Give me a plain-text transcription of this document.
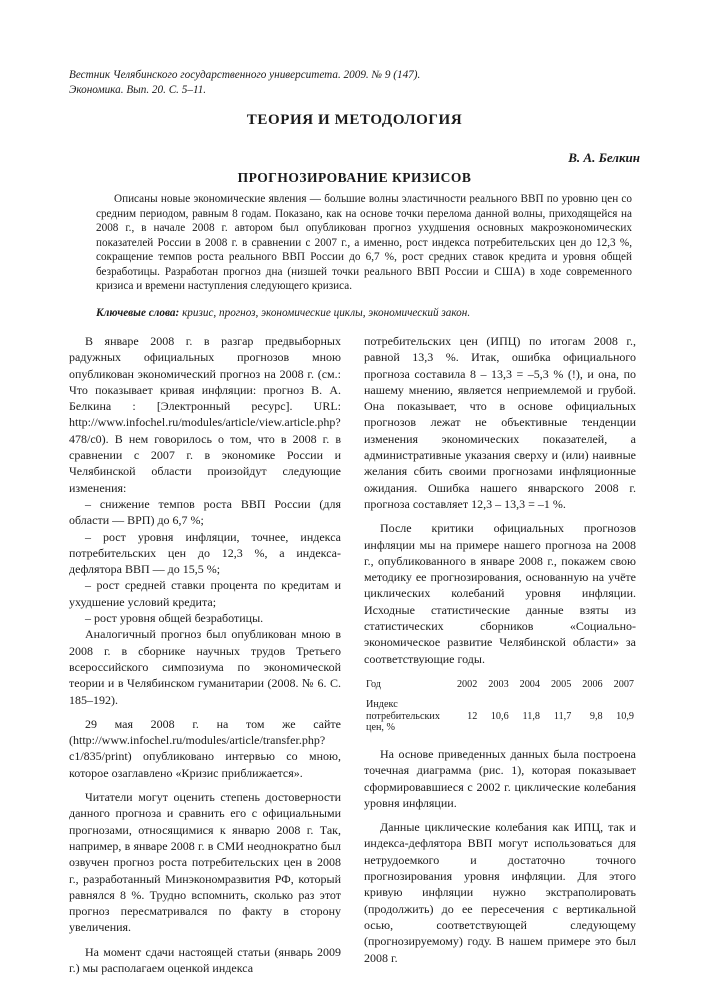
Вестник Челябинского государственного университета. 2009. № 9 (147).
Экономика. Вып. 20. С. 5–11.
ТЕОРИЯ И МЕТОДОЛОГИЯ
В. А. Белкин
ПРОГНОЗИРОВАНИЕ КРИЗИСОВ
Описаны новые экономические явления — большие волны эластичности реального ВВП по уровню цен со средним периодом, равным 8 годам. Показано, как на основе точки перелома данной волны, приходящейся на 2008 г., в начале 2008 г. автором был опубликован прогноз ухудшения основных макроэкономических показателей России в 2008 г. в сравнении с 2007 г., а именно, рост индекса потребительских цен до 12,3 %, сокращение темпов роста реального ВВП России до 6,7 %, рост средних ставок кредита и уровня общей безработицы. Разработан прогноз дна (низшей точки реального ВВП России и США) в ходе современного кризиса и времени наступления следующего кризиса.
Ключевые слова: кризис, прогноз, экономические циклы, экономический закон.

В январе 2008 г. в разгар предвыборных радужных официальных прогнозов мною опубликован экономический прогноз на 2008 г. (см.: Что показывает кривая инфляции: прогноз В. А. Белкина : [Электронный ресурс]. URL: http://www.infochel.ru/modules/article/view.article.php?478/c0). В нем говорилось о том, что в 2008 г. в сравнении с 2007 г. в экономике России и Челябинской области произойдут следующие изменения:

– снижение темпов роста ВВП России (для области — ВРП) до 6,7 %;

– рост уровня инфляции, точнее, индекса потребительских цен до 12,3 %, а индекса-дефлятора ВВП — до 15,5 %;

– рост средней ставки процента по кредитам и ухудшение условий кредита;

– рост уровня общей безработицы.

Аналогичный прогноз был опубликован мною в 2008 г. в сборнике научных трудов Третьего всероссийского симпозиума по экономической теории и в Челябинском гуманитарии (2008. № 6. С. 185–192).

29 мая 2008 г. на том же сайте (http://www.infochel.ru/modules/article/transfer.php?c1/835/print) опубликовано интервью со мною, которое озаглавлено «Кризис приближается».

Читатели могут оценить степень достоверности данного прогноза и сравнить его с официальными прогнозами, относящимися к январю 2008 г. Так, например, в январе 2008 г. в СМИ неоднократно был озвучен прогноз роста потребительских цен в 2008 г., разработанный Минэкономразвития РФ, который равнялся 8 %. Трудно вспомнить, сколько раз этот прогноз пересматривался по факту в сторону увеличения.

На момент сдачи настоящей статьи (январь 2009 г.) мы располагаем оценкой индекса

потребительских цен (ИПЦ) по итогам 2008 г., равной 13,3 %. Итак, ошибка официального прогноза составила 8 – 13,3 = –5,3 % (!), и она, по нашему мнению, является неприемлемой и грубой. Она показывает, что в основе официальных прогнозов лежат не объективные тенденции изменения экономических показателей, а административные указания сверху и (или) наивные желания сбить своими прогнозами инфляционные ожидания. Ошибка нашего январского 2008 г. прогноза составляет 12,3 – 13,3 = –1 %.

После критики официальных прогнозов инфляции мы на примере нашего прогноза на 2008 г., опубликованного в январе 2008 г., покажем свою методику ее прогнозирования, основанную на учёте циклических колебаний уровня инфляции. Исходные статистические данные взяты из статистических сборников «Социально-экономическое развитие Челябинской области» за соответствующие годы.

Год	2002	2003	2004	2005	2006	2007
Индекс потребительских цен, %	12	10,6	11,8	11,7	9,8	10,9

На основе приведенных данных была построена точечная диаграмма (рис. 1), которая показывает сформировавшиеся с 2002 г. циклические колебания уровня инфляции.

Данные циклические колебания как ИПЦ, так и индекса-дефлятора ВВП могут использоваться для нетрудоемкого и достаточно точного прогнозирования уровня инфляции. Для этого кривую инфляции нужно экстраполировать (продолжить) до ее пересечения с вертикальной осью, соответствующей следующему (прогнозируемому) году. В нашем примере это был 2008 г.
